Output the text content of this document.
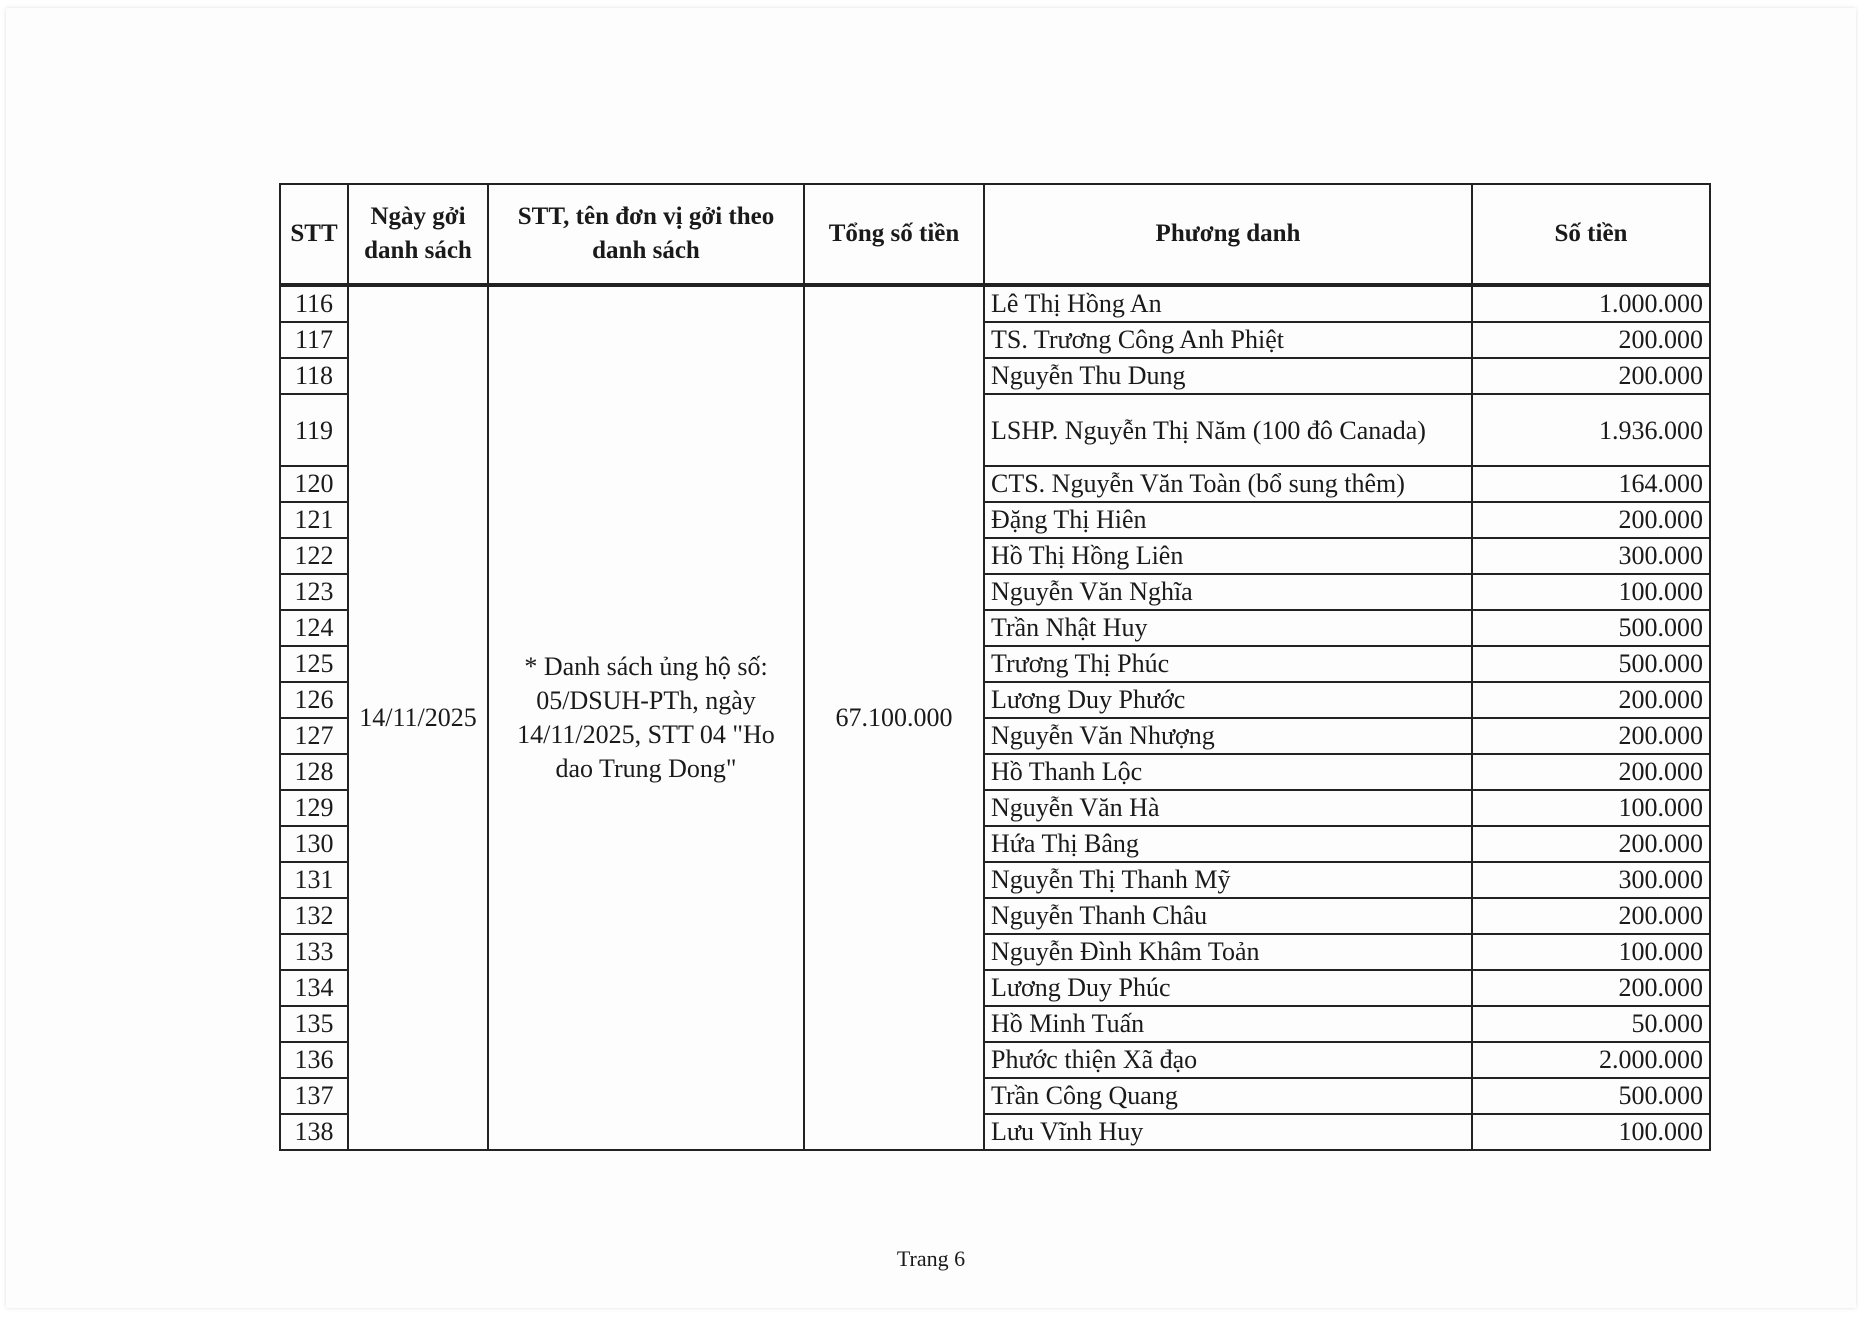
STT	Ngày gởi danh sách	STT, tên đơn vị gởi theo danh sách	Tổng số tiền	Phương danh	Số tiền
116	14/11/2025	* Danh sách ủng hộ số: 05/DSUH-PTh, ngày 14/11/2025, STT 04 "Ho dao Trung Dong"	67.100.000	Lê Thị Hồng An	1.000.000
117				TS. Trương Công Anh Phiệt	200.000
118				Nguyễn Thu Dung	200.000
119				LSHP. Nguyễn Thị Năm (100 đô Canada)	1.936.000
120				CTS. Nguyễn Văn Toàn (bổ sung thêm)	164.000
121				Đặng Thị Hiên	200.000
122				Hồ Thị Hồng Liên	300.000
123				Nguyễn Văn Nghĩa	100.000
124				Trần Nhật Huy	500.000
125				Trương Thị Phúc	500.000
126				Lương Duy Phước	200.000
127				Nguyễn Văn Nhượng	200.000
128				Hồ Thanh Lộc	200.000
129				Nguyễn Văn Hà	100.000
130				Hứa Thị Bâng	200.000
131				Nguyễn Thị Thanh Mỹ	300.000
132				Nguyễn Thanh Châu	200.000
133				Nguyễn Đình Khâm Toản	100.000
134				Lương Duy Phúc	200.000
135				Hồ Minh Tuấn	50.000
136				Phước thiện Xã đạo	2.000.000
137				Trần Công Quang	500.000
138				Lưu Vĩnh Huy	100.000
Trang 6
